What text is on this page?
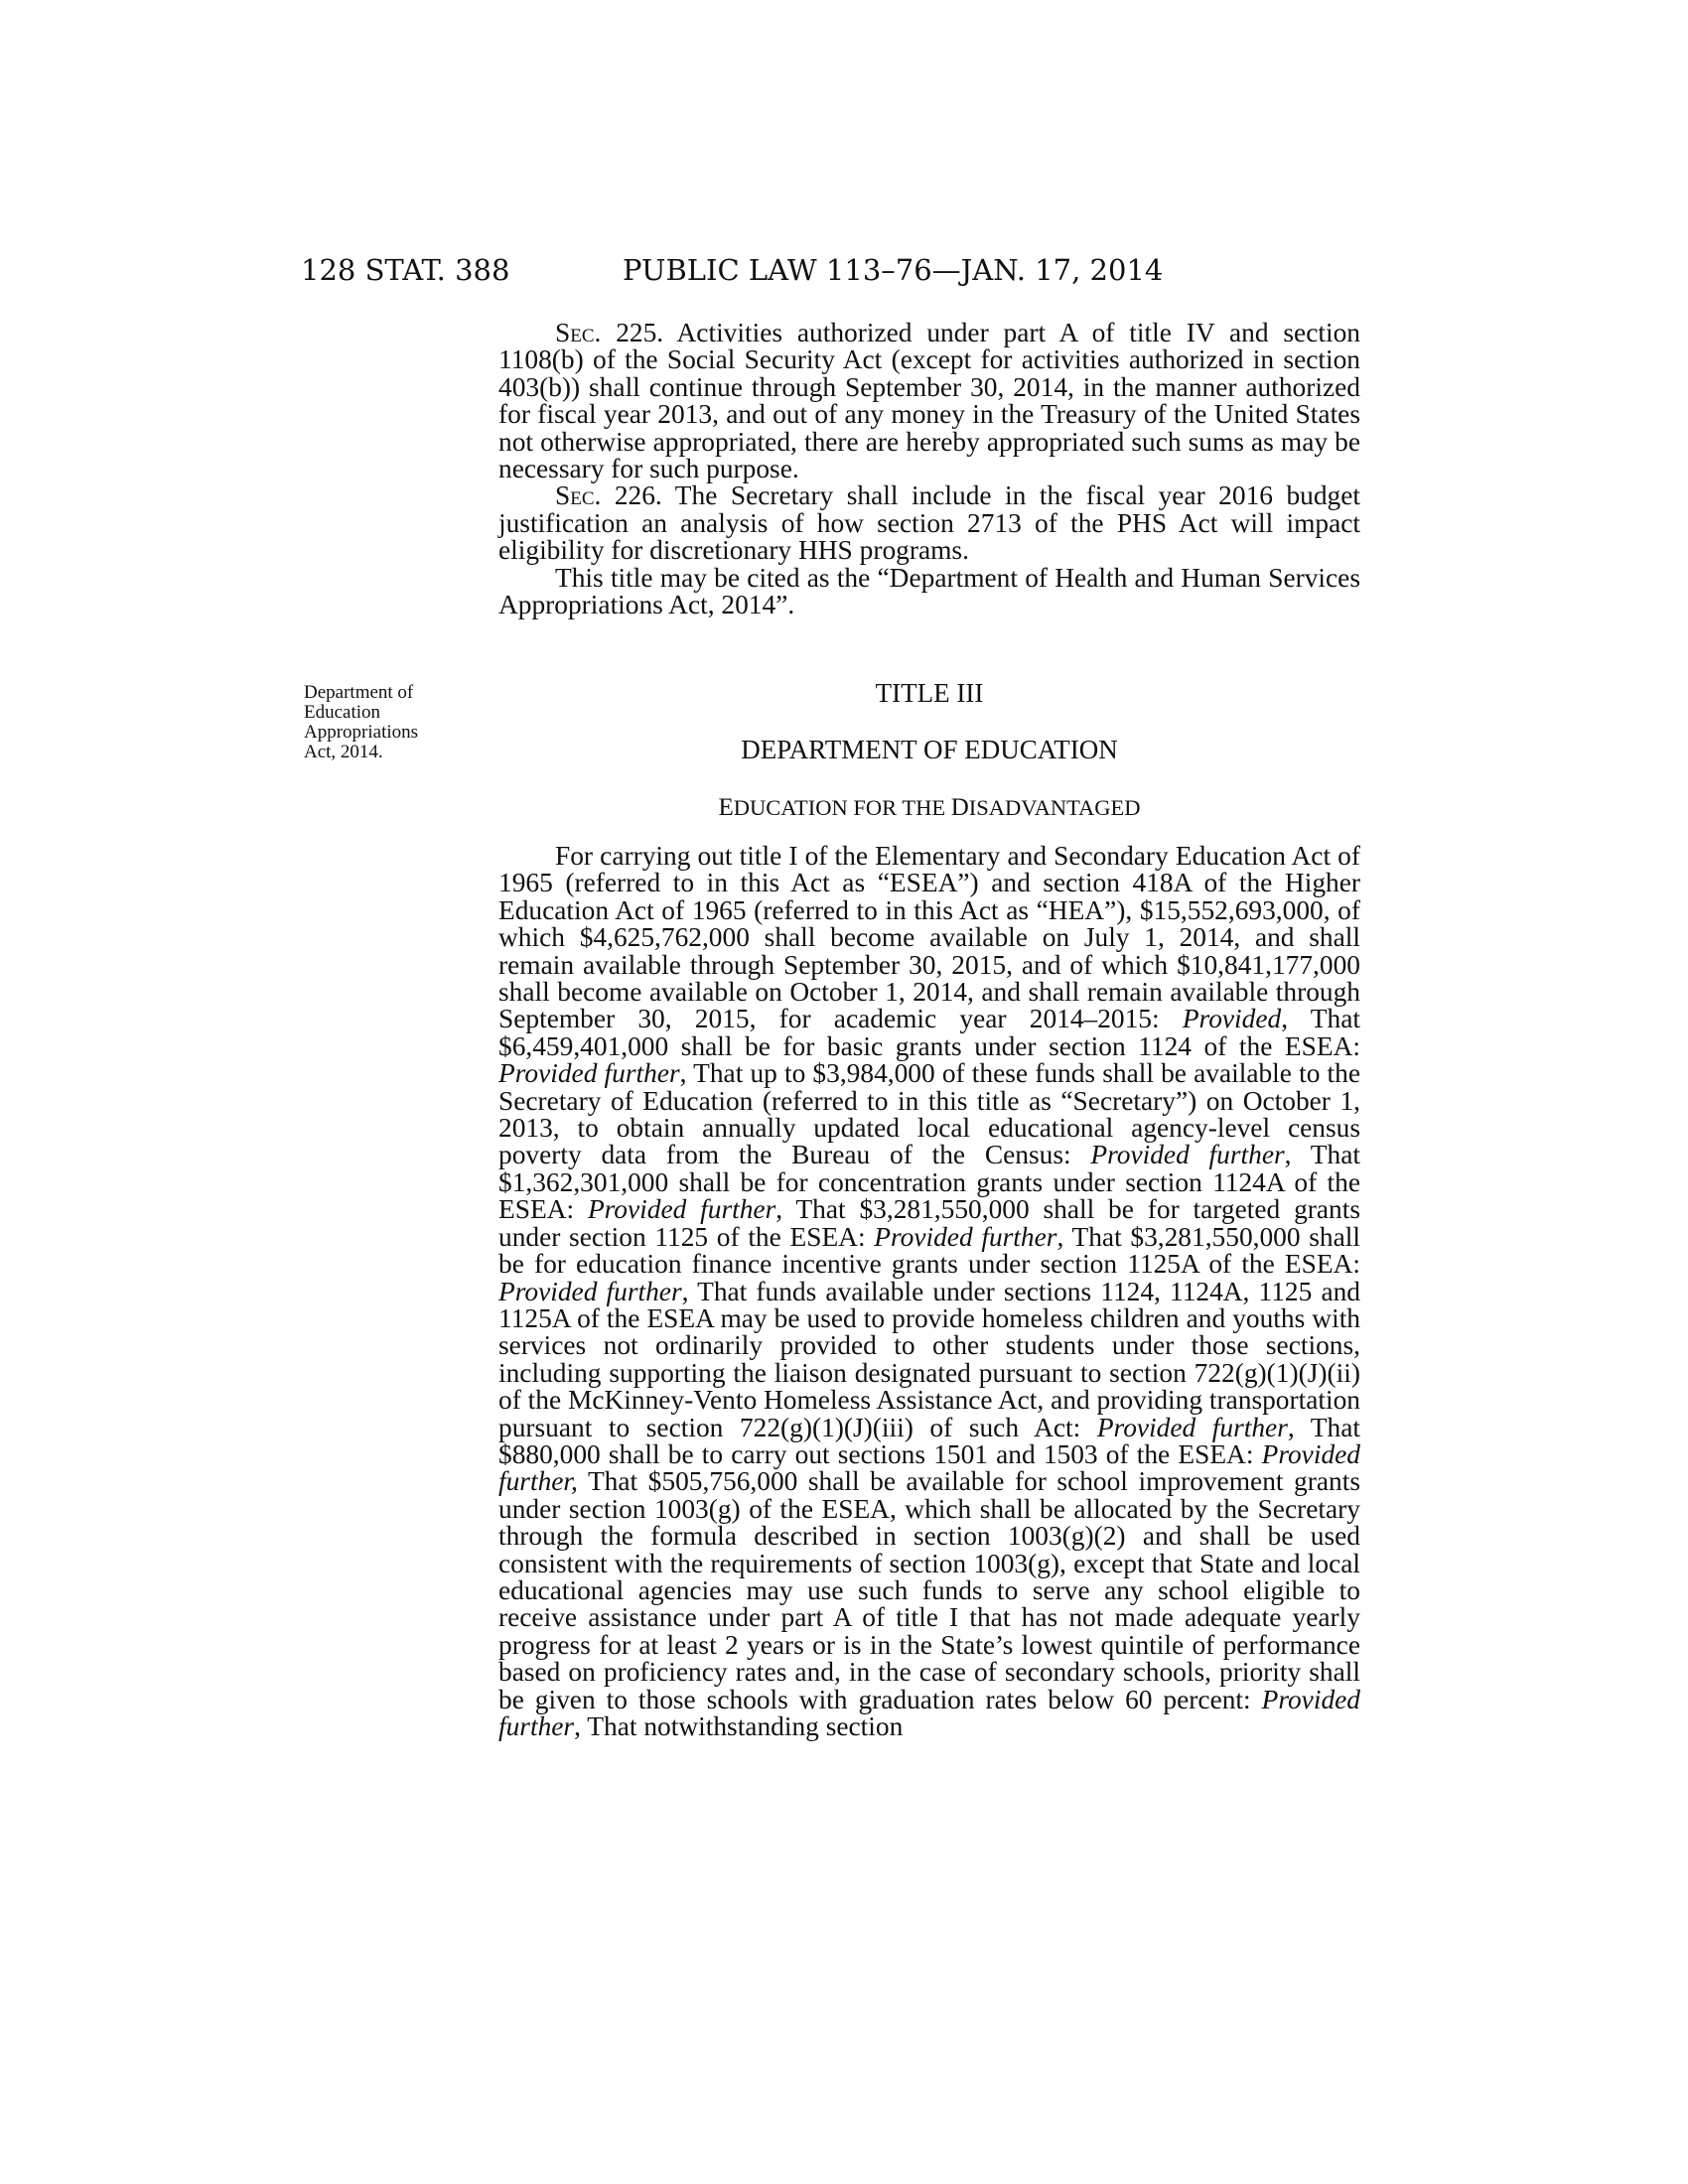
128 STAT. 388	PUBLIC LAW 113–76—JAN. 17, 2014

Sec. 225. Activities authorized under part A of title IV and section 1108(b) of the Social Security Act (except for activities authorized in section 403(b)) shall continue through September 30, 2014, in the manner authorized for fiscal year 2013, and out of any money in the Treasury of the United States not otherwise appropriated, there are hereby appropriated such sums as may be necessary for such purpose.

Sec. 226. The Secretary shall include in the fiscal year 2016 budget justification an analysis of how section 2713 of the PHS Act will impact eligibility for discretionary HHS programs.

This title may be cited as the “Department of Health and Human Services Appropriations Act, 2014”.

Department of
Education
Appropriations
Act, 2014.
TITLE III
DEPARTMENT OF EDUCATION
EDUCATION FOR THE DISADVANTAGED

For carrying out title I of the Elementary and Secondary Education Act of 1965 (referred to in this Act as “ESEA”) and section 418A of the Higher Education Act of 1965 (referred to in this Act as “HEA”), $15,552,693,000, of which $4,625,762,000 shall become available on July 1, 2014, and shall remain available through September 30, 2015, and of which $10,841,177,000 shall become available on October 1, 2014, and shall remain available through September 30, 2015, for academic year 2014–2015: Provided, That $6,459,401,000 shall be for basic grants under section 1124 of the ESEA: Provided further, That up to $3,984,000 of these funds shall be available to the Secretary of Education (referred to in this title as “Secretary”) on October 1, 2013, to obtain annually updated local educational agency-level census poverty data from the Bureau of the Census: Provided further, That $1,362,301,000 shall be for concentration grants under section 1124A of the ESEA: Provided further, That $3,281,550,000 shall be for targeted grants under section 1125 of the ESEA: Provided further, That $3,281,550,000 shall be for education finance incentive grants under section 1125A of the ESEA: Provided further, That funds available under sections 1124, 1124A, 1125 and 1125A of the ESEA may be used to provide homeless children and youths with services not ordinarily provided to other students under those sections, including supporting the liaison designated pursuant to section 722(g)(1)(J)(ii) of the McKinney-Vento Homeless Assistance Act, and providing transportation pursuant to section 722(g)(1)(J)(iii) of such Act: Provided further, That $880,000 shall be to carry out sections 1501 and 1503 of the ESEA: Provided further, That $505,756,000 shall be available for school improvement grants under section 1003(g) of the ESEA, which shall be allocated by the Secretary through the formula described in section 1003(g)(2) and shall be used consistent with the requirements of section 1003(g), except that State and local educational agencies may use such funds to serve any school eligible to receive assistance under part A of title I that has not made adequate yearly progress for at least 2 years or is in the State’s lowest quintile of performance based on proficiency rates and, in the case of secondary schools, priority shall be given to those schools with graduation rates below 60 percent: Provided further, That notwithstanding section
